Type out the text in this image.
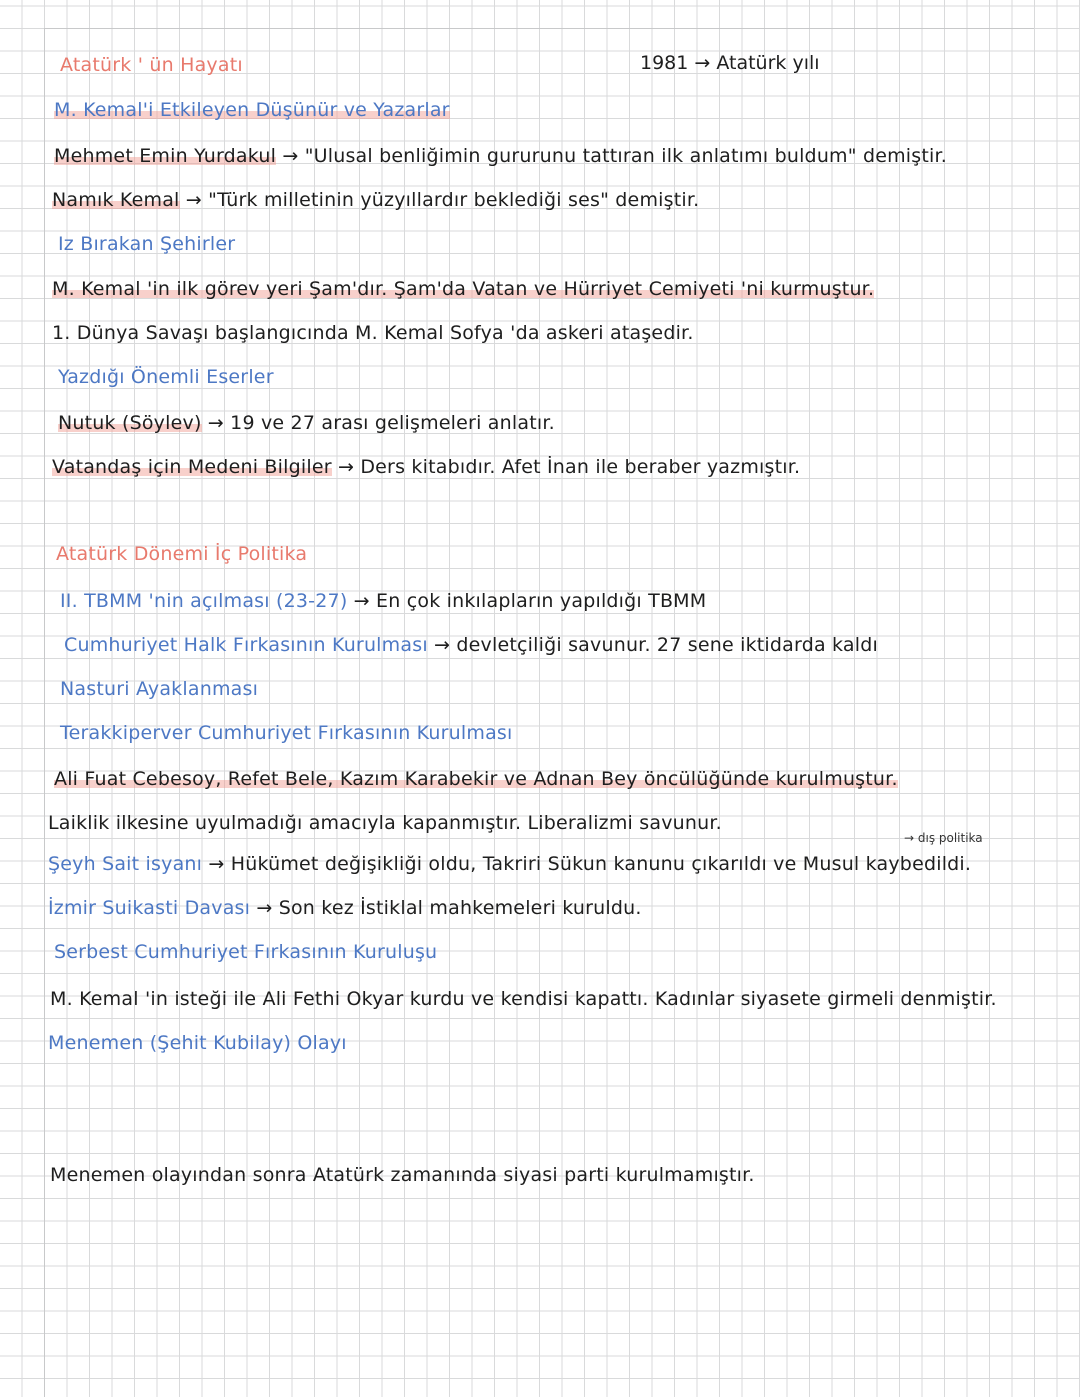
Atatürk ' ün Hayatı	1981 → Atatürk yılı
M. Kemal'i Etkileyen Düşünür ve Yazarlar
Mehmet Emin Yurdakul → "Ulusal benliğimin gururunu tattıran ilk anlatımı buldum" demiştir.
Namık Kemal → "Türk milletinin yüzyıllardır beklediği ses" demiştir.
Iz Bırakan Şehirler
M. Kemal 'in ilk görev yeri Şam'dır. Şam'da Vatan ve Hürriyet Cemiyeti 'ni kurmuştur.
1. Dünya Savaşı başlangıcında M. Kemal Sofya 'da askeri ataşedir.
Yazdığı Önemli Eserler
Nutuk (Söylev) → 19 ve 27 arası gelişmeleri anlatır.
Vatandaş için Medeni Bilgiler → Ders kitabıdır. Afet İnan ile beraber yazmıştır.
Atatürk Dönemi İç Politika
II. TBMM 'nin açılması (23-27) → En çok inkılapların yapıldığı TBMM
Cumhuriyet Halk Fırkasının Kurulması → devletçiliği savunur. 27 sene iktidarda kaldı
Nasturi Ayaklanması
Terakkiperver Cumhuriyet Fırkasının Kurulması
Ali Fuat Cebesoy, Refet Bele, Kazım Karabekir ve Adnan Bey öncülüğünde kurulmuştur.
Laiklik ilkesine uyulmadığı amacıyla kapanmıştır. Liberalizmi savunur.
→ dış politika
Şeyh Sait isyanı → Hükümet değişikliği oldu, Takriri Sükun kanunu çıkarıldı ve Musul kaybedildi.
İzmir Suikasti Davası → Son kez İstiklal mahkemeleri kuruldu.
Serbest Cumhuriyet Fırkasının Kuruluşu
M. Kemal 'in isteği ile Ali Fethi Okyar kurdu ve kendisi kapattı. Kadınlar siyasete girmeli denmiştir.
Menemen (Şehit Kubilay) Olayı
Menemen olayından sonra Atatürk zamanında siyasi parti kurulmamıştır.
